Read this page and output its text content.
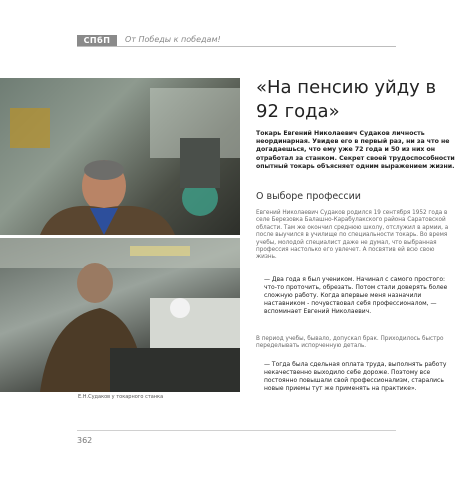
СПбП	От Победы к победам!
Е.Н.Судаков у токарного станка
«На пенсию уйду в 92 года»
Токарь Евгений Николаевич Судаков личность неординарная. Увидев его в первый раз, ни за что не догадаешься, что ему уже 72 года и 50 из них он отработал за станком. Секрет своей трудоспособности опытный токарь объясняет одним выражением жизни.
О выборе профессии
Евгений Николаевич Судаков родился 19 сентября 1952 года в селе Березовка Балашно-Карабулакского района Саратовской области. Там же окончил среднюю школу, отслужил в армии, а после выучился в училище по специальности токарь. Во время учебы, молодой специалист даже не думал, что выбранная профессия настолько его увлечет. А посвятив ей всю свою жизнь.
— Два года я был учеником. Начинал с самого простого: что-то проточить, обрезать. Потом стали доверять более сложную работу. Когда впервые меня назначили наставником - почувствовал себя профессионалом, — вспоминает Евгений Николаевич.
В период учебы, бывало, допускал брак. Приходилось быстро переделывать испорченную деталь.
— Тогда была сдельная оплата труда, выполнять работу некачественно выходило себе дороже. Поэтому все постоянно повышали свой профессионализм, старались новые приемы тут же применять на практике».
362
